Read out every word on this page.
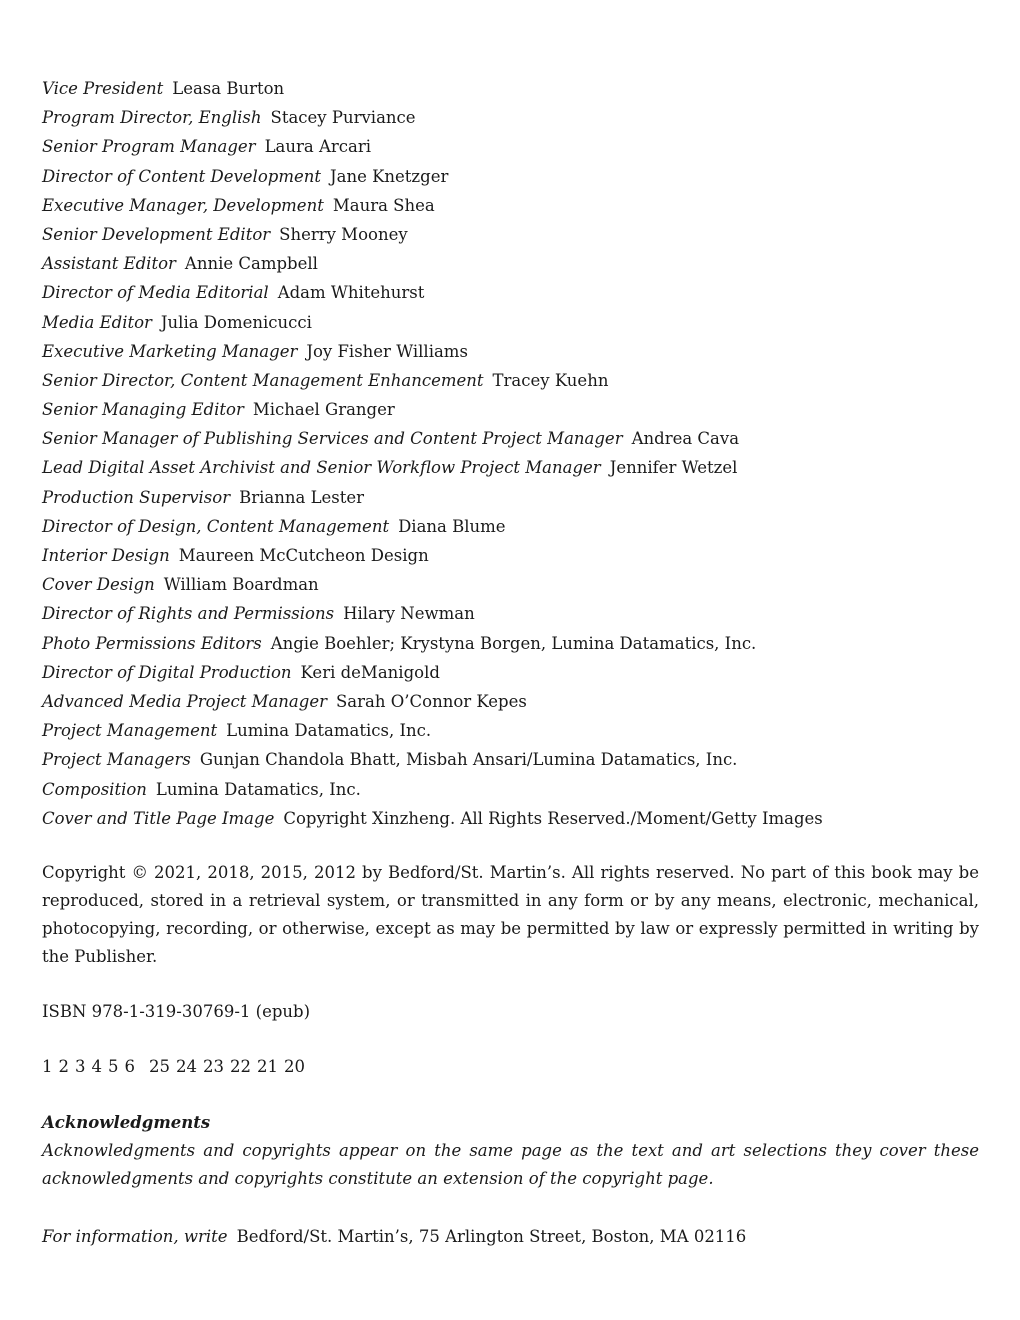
Vice President Leasa Burton
Program Director, English Stacey Purviance
Senior Program Manager Laura Arcari
Director of Content Development Jane Knetzger
Executive Manager, Development Maura Shea
Senior Development Editor Sherry Mooney
Assistant Editor Annie Campbell
Director of Media Editorial Adam Whitehurst
Media Editor Julia Domenicucci
Executive Marketing Manager Joy Fisher Williams
Senior Director, Content Management Enhancement Tracey Kuehn
Senior Managing Editor Michael Granger
Senior Manager of Publishing Services and Content Project Manager Andrea Cava
Lead Digital Asset Archivist and Senior Workflow Project Manager Jennifer Wetzel
Production Supervisor Brianna Lester
Director of Design, Content Management Diana Blume
Interior Design Maureen McCutcheon Design
Cover Design William Boardman
Director of Rights and Permissions Hilary Newman
Photo Permissions Editors Angie Boehler; Krystyna Borgen, Lumina Datamatics, Inc.
Director of Digital Production Keri deManigold
Advanced Media Project Manager Sarah O’Connor Kepes
Project Management Lumina Datamatics, Inc.
Project Managers Gunjan Chandola Bhatt, Misbah Ansari/Lumina Datamatics, Inc.
Composition Lumina Datamatics, Inc.
Cover and Title Page Image Copyright Xinzheng. All Rights Reserved./Moment/Getty Images

Copyright © 2021, 2018, 2015, 2012 by Bedford/St. Martin’s. All rights reserved. No part of this book may be reproduced, stored in a retrieval system, or transmitted in any form or by any means, electronic, mechanical, photocopying, recording, or otherwise, except as may be permitted by law or expressly permitted in writing by the Publisher.

ISBN 978-1-319-30769-1 (epub)

1 2 3 4 5 6 25 24 23 22 21 20

Acknowledgments

Acknowledgments and copyrights appear on the same page as the text and art selections they cover these acknowledgments and copyrights constitute an extension of the copyright page.

For information, write Bedford/St. Martin’s, 75 Arlington Street, Boston, MA 02116
